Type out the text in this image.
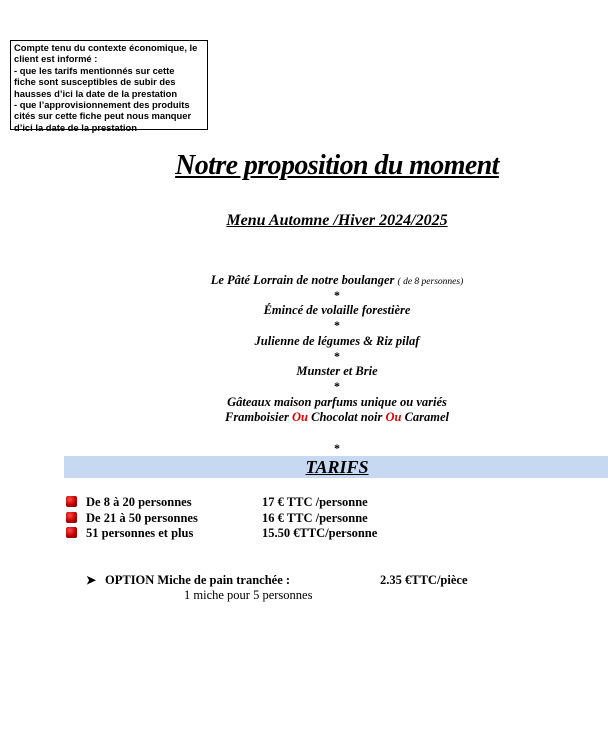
Compte tenu du contexte économique, le
client est informé :
- que les tarifs mentionnés sur cette
fiche sont susceptibles de subir des
hausses d’ici la date de la prestation
- que l’approvisionnement des produits
cités sur cette fiche peut nous manquer
d’ici la date de la prestation
Notre proposition du moment
Menu Automne /Hiver 2024/2025
Le Pâté Lorrain de notre boulanger ( de 8 personnes)
*
Émincé de volaille forestière
*
Julienne de légumes & Riz pilaf
*
Munster et Brie
*
Gâteaux maison parfums unique ou variés
Framboisier Ou Chocolat noir Ou Caramel
*
TARIFS
De 8 à 20 personnes	17 € TTC /personne
De 21 à 50 personnes	16 € TTC /personne
51 personnes et plus	15.50 €TTC/personne
➤ OPTION Miche de pain tranchée :	2.35 €TTC/pièce
1 miche pour 5 personnes
